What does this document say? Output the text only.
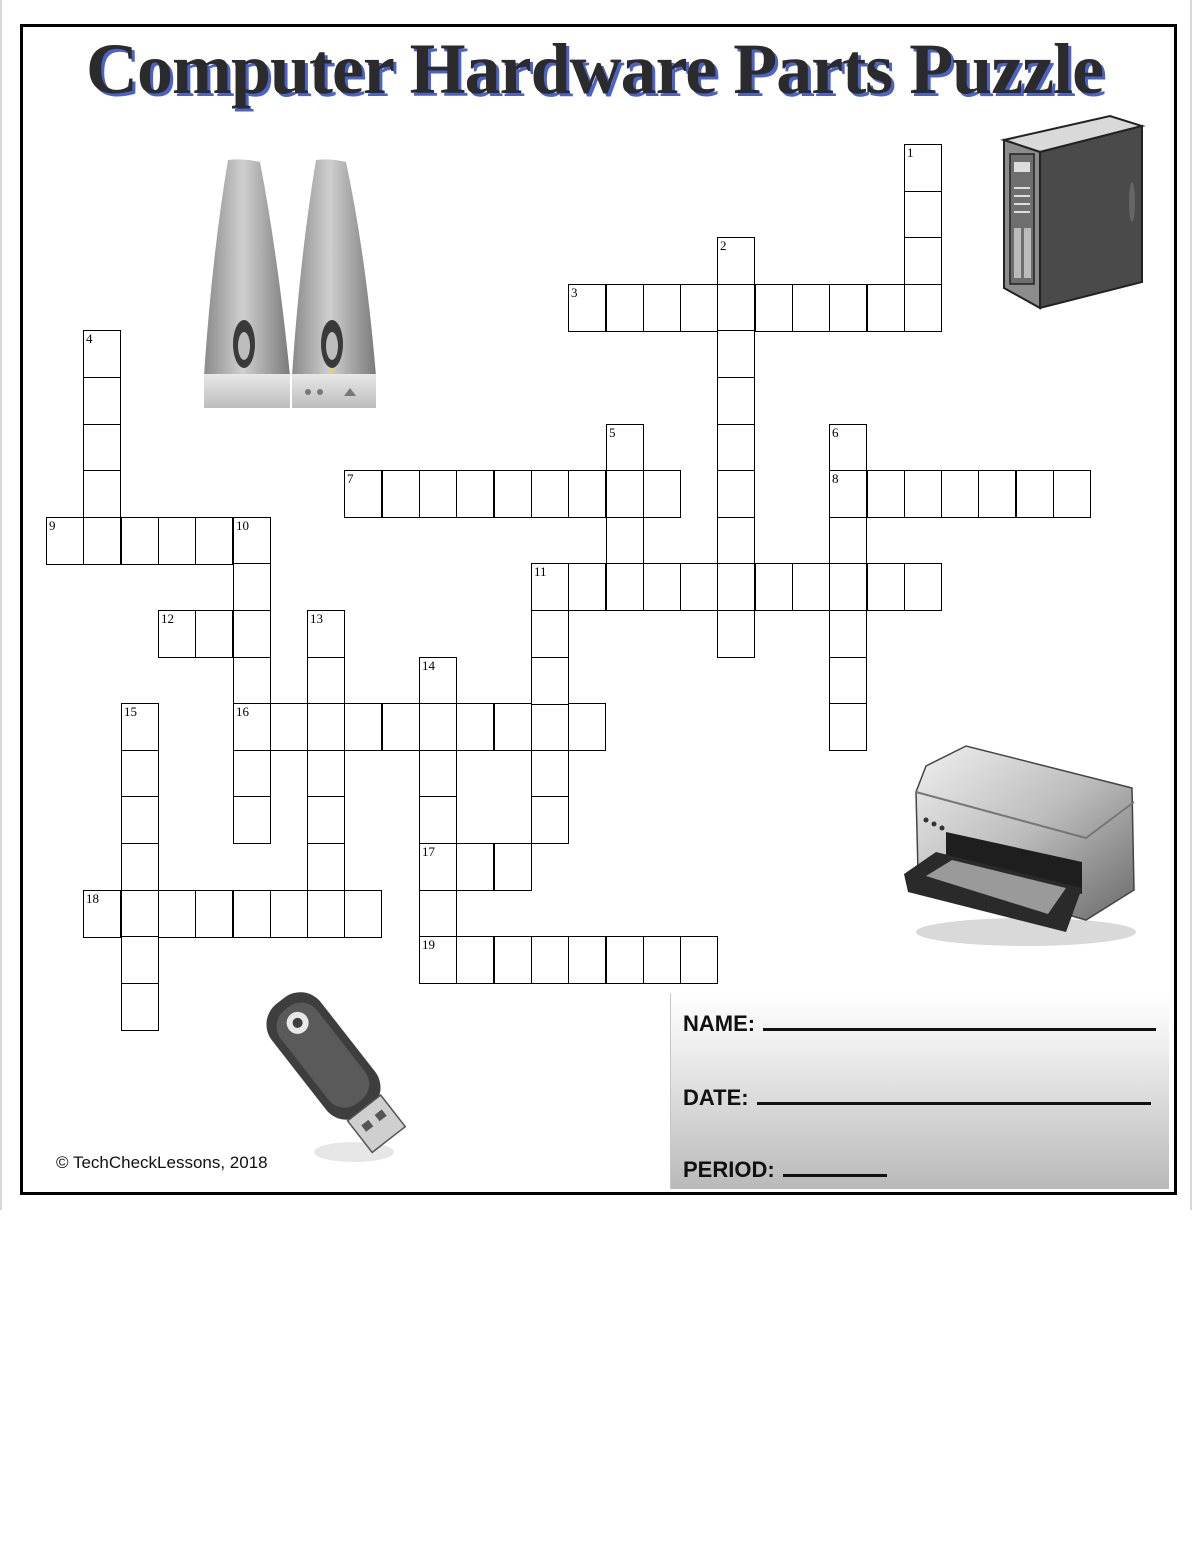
Computer Hardware Parts Puzzle
1
2
3
4
5	6
8
7
9	10
16
11
12	13
14
17
19
15
18
© TechCheckLessons, 2018
NAME:
DATE:
PERIOD:
